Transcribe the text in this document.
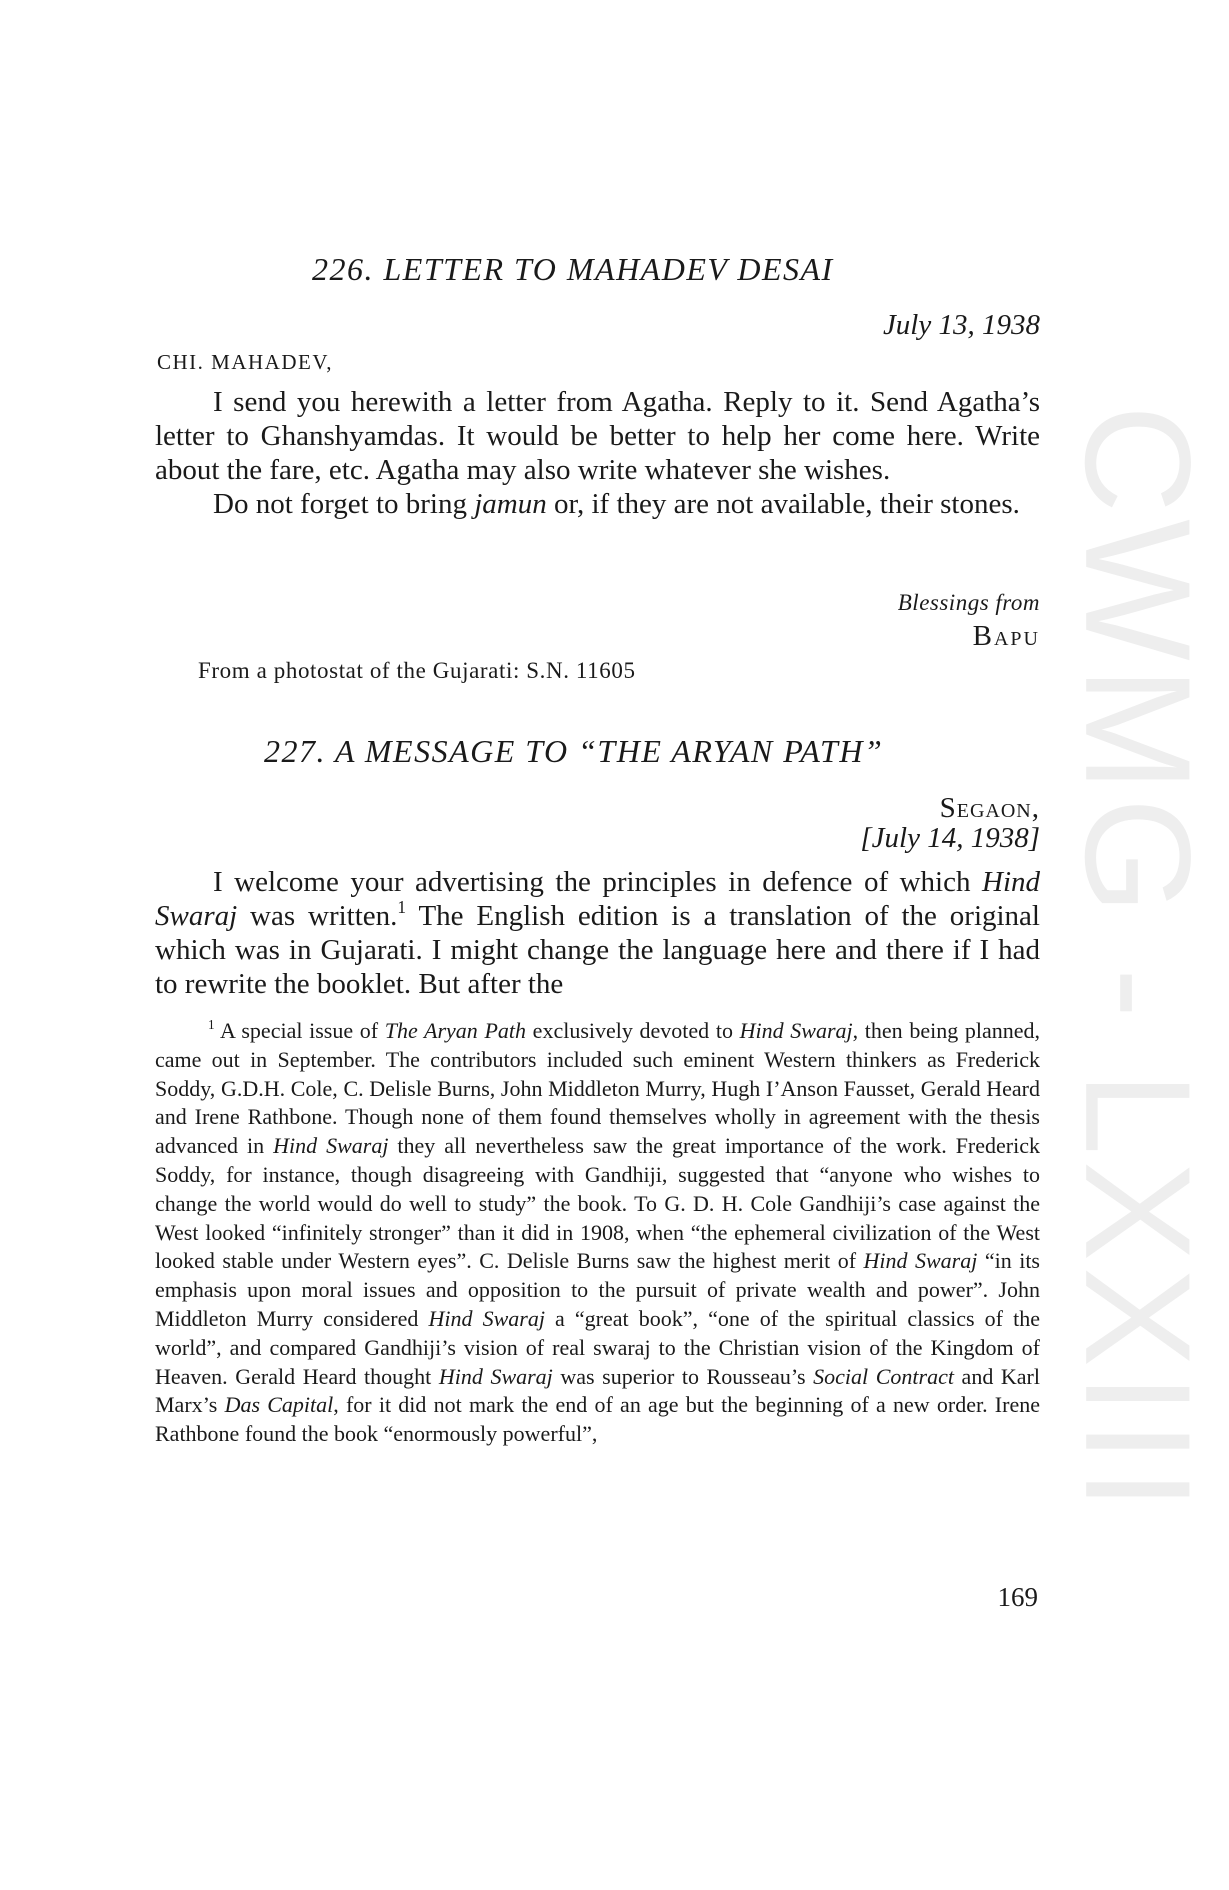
CWMG - LXXIII
226. LETTER TO MAHADEV DESAI
July 13, 1938
CHI. MAHADEV,

I send you herewith a letter from Agatha. Reply to it. Send Agatha’s letter to Ghanshyamdas. It would be better to help her come here. Write about the fare, etc. Agatha may also write whatever she wishes.

Do not forget to bring jamun or, if they are not available, their stones.

Blessings from
Bapu
From a photostat of the Gujarati: S.N. 11605
227. A MESSAGE TO “THE ARYAN PATH”
Segaon,
[July 14, 1938]

I welcome your advertising the principles in defence of which Hind Swaraj was written.$^1$ The English edition is a translation of the original which was in Gujarati. I might change the language here and there if I had to rewrite the booklet. But after the

$^1$ A special issue of The Aryan Path exclusively devoted to Hind Swaraj, then being planned, came out in September. The contributors included such eminent Western thinkers as Frederick Soddy, G.D.H. Cole, C. Delisle Burns, John Middleton Murry, Hugh I’Anson Fausset, Gerald Heard and Irene Rathbone. Though none of them found themselves wholly in agreement with the thesis advanced in Hind Swaraj they all nevertheless saw the great importance of the work. Frederick Soddy, for instance, though disagreeing with Gandhiji, suggested that “anyone who wishes to change the world would do well to study” the book. To G. D. H. Cole Gandhiji’s case against the West looked “infinitely stronger” than it did in 1908, when “the ephemeral civilization of the West looked stable under Western eyes”. C. Delisle Burns saw the highest merit of Hind Swaraj “in its emphasis upon moral issues and opposition to the pursuit of private wealth and power”. John Middleton Murry considered Hind Swaraj a “great book”, “one of the spiritual classics of the world”, and compared Gandhiji’s vision of real swaraj to the Christian vision of the Kingdom of Heaven. Gerald Heard thought Hind Swaraj was superior to Rousseau’s Social Contract and Karl Marx’s Das Capital, for it did not mark the end of an age but the beginning of a new order. Irene Rathbone found the book “enormously powerful”,

169
